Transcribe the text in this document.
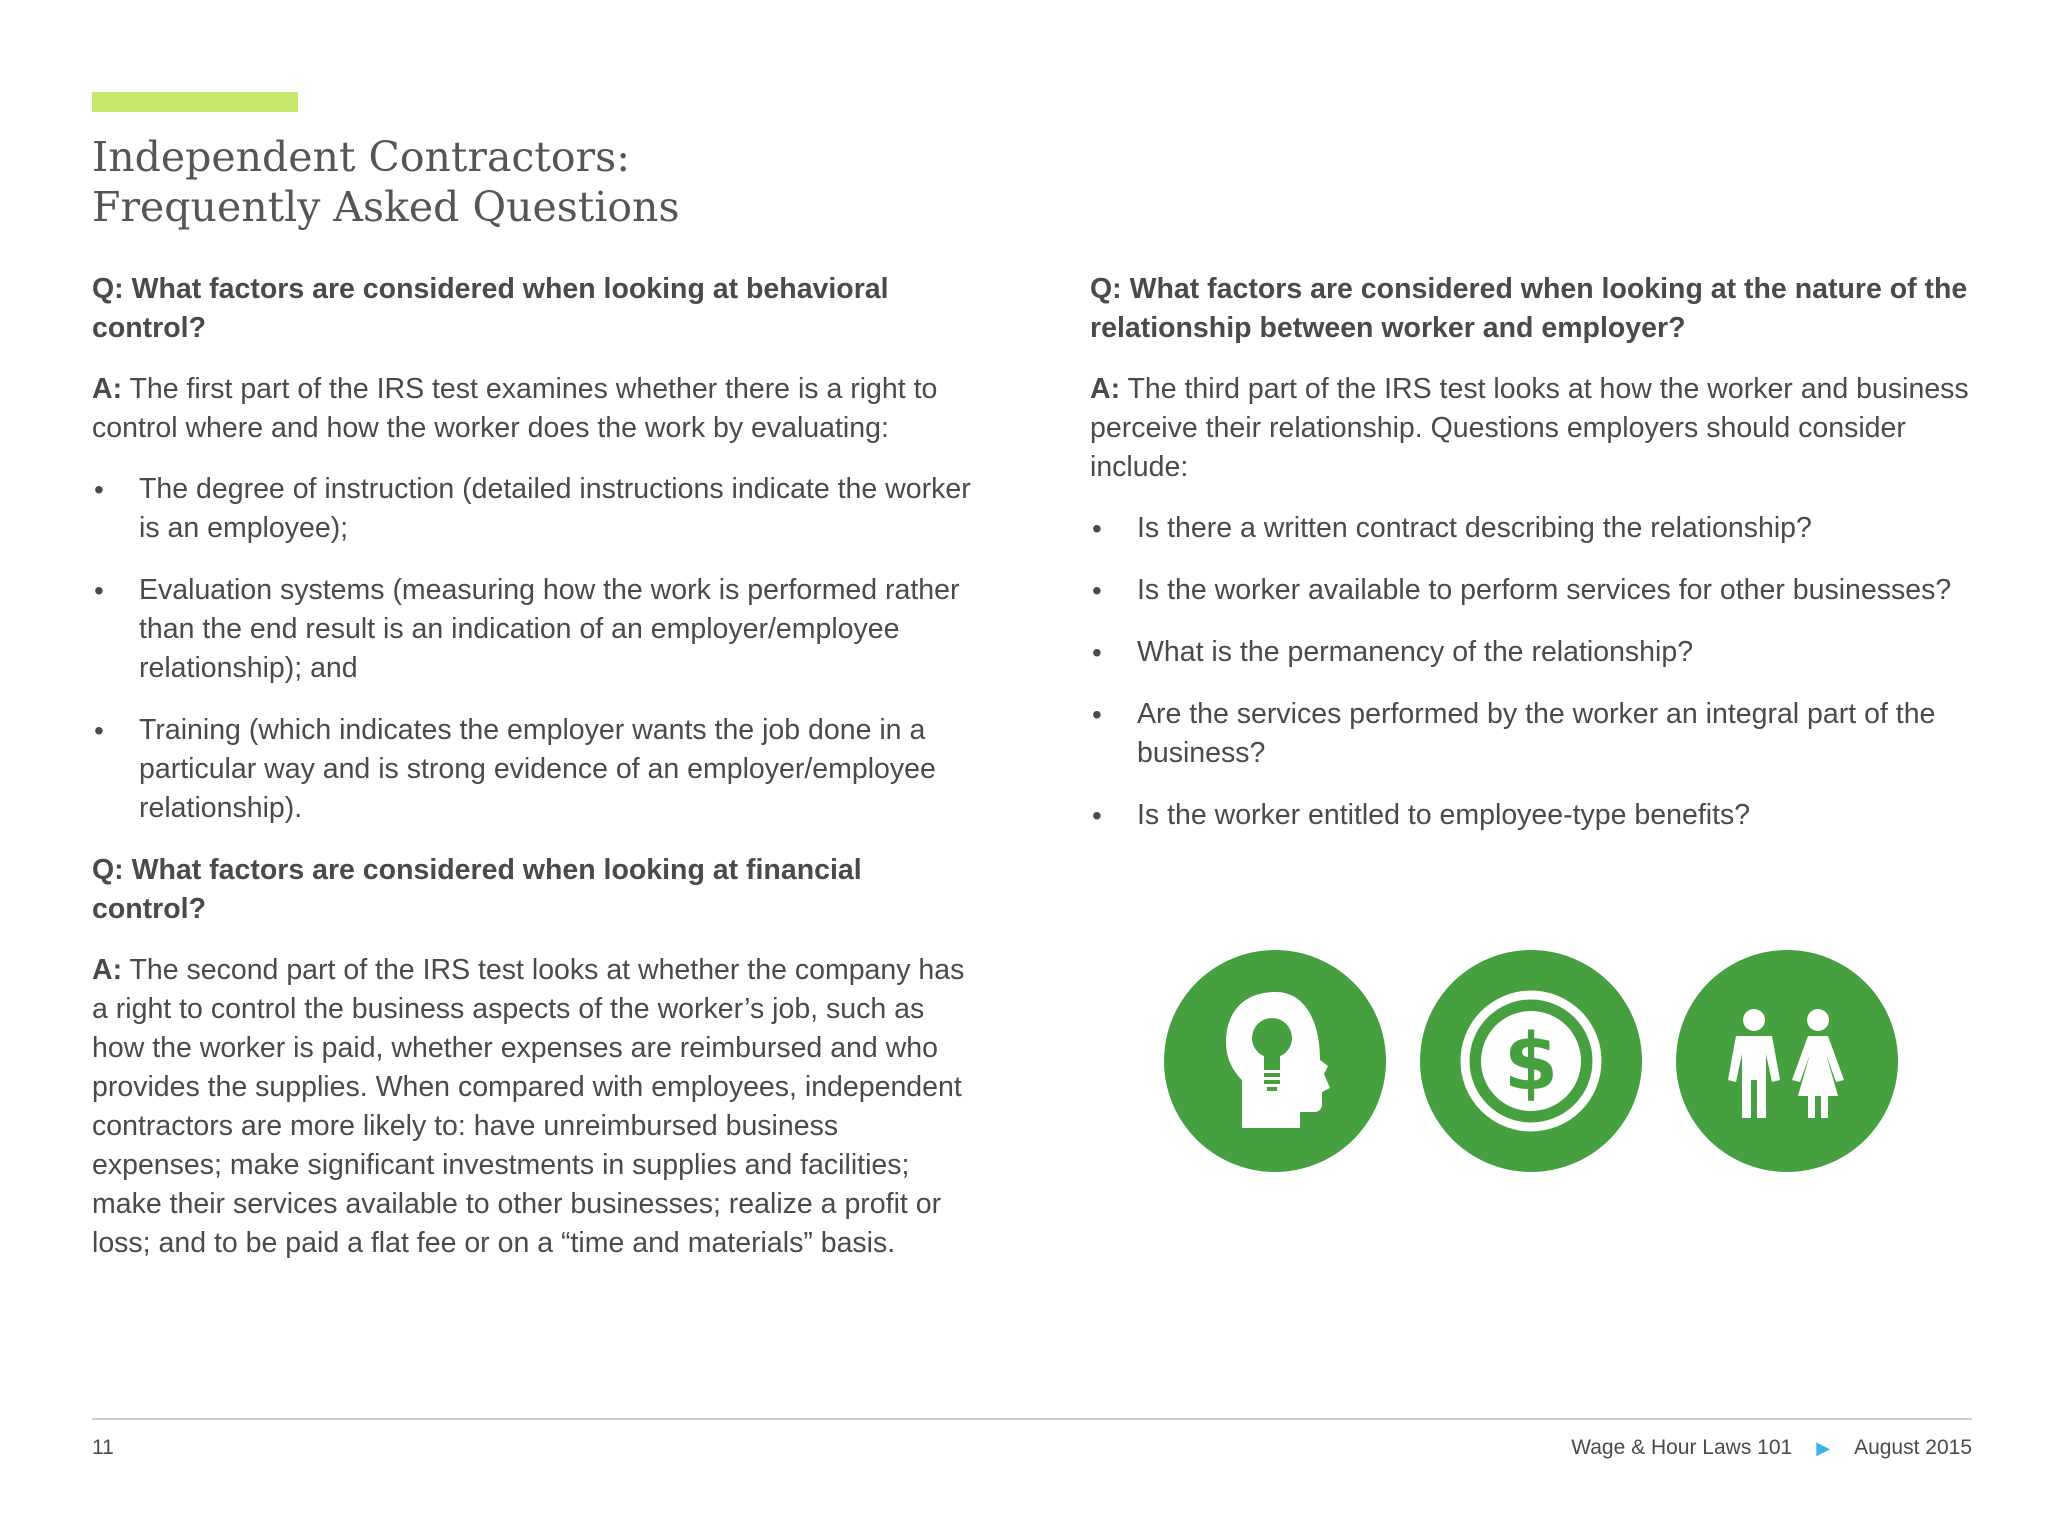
Independent Contractors:
Frequently Asked Questions

Q: What factors are considered when looking at behavioral control?

A: The first part of the IRS test examines whether there is a right to control where and how the worker does the work by evaluating:

• The degree of instruction (detailed instructions indicate the worker is an employee);
• Evaluation systems (measuring how the work is performed rather than the end result is an indication of an employer/employee relationship); and
• Training (which indicates the employer wants the job done in a particular way and is strong evidence of an employer/employee relationship).

Q: What factors are considered when looking at financial control?

A: The second part of the IRS test looks at whether the company has a right to control the business aspects of the worker’s job, such as how the worker is paid, whether expenses are reimbursed and who provides the supplies. When compared with employees, independent contractors are more likely to: have unreimbursed business expenses; make significant investments in supplies and facilities; make their services available to other businesses; realize a profit or loss; and to be paid a flat fee or on a “time and materials” basis.

Q: What factors are considered when looking at the nature of the relationship between worker and employer?

A: The third part of the IRS test looks at how the worker and business perceive their relationship. Questions employers should consider include:

• Is there a written contract describing the relationship?
• Is the worker available to perform services for other businesses?
• What is the permanency of the relationship?
• Are the services performed by the worker an integral part of the business?
• Is the worker entitled to employee-type benefits?
$
11	Wage & Hour Laws 101 ▶ August 2015
